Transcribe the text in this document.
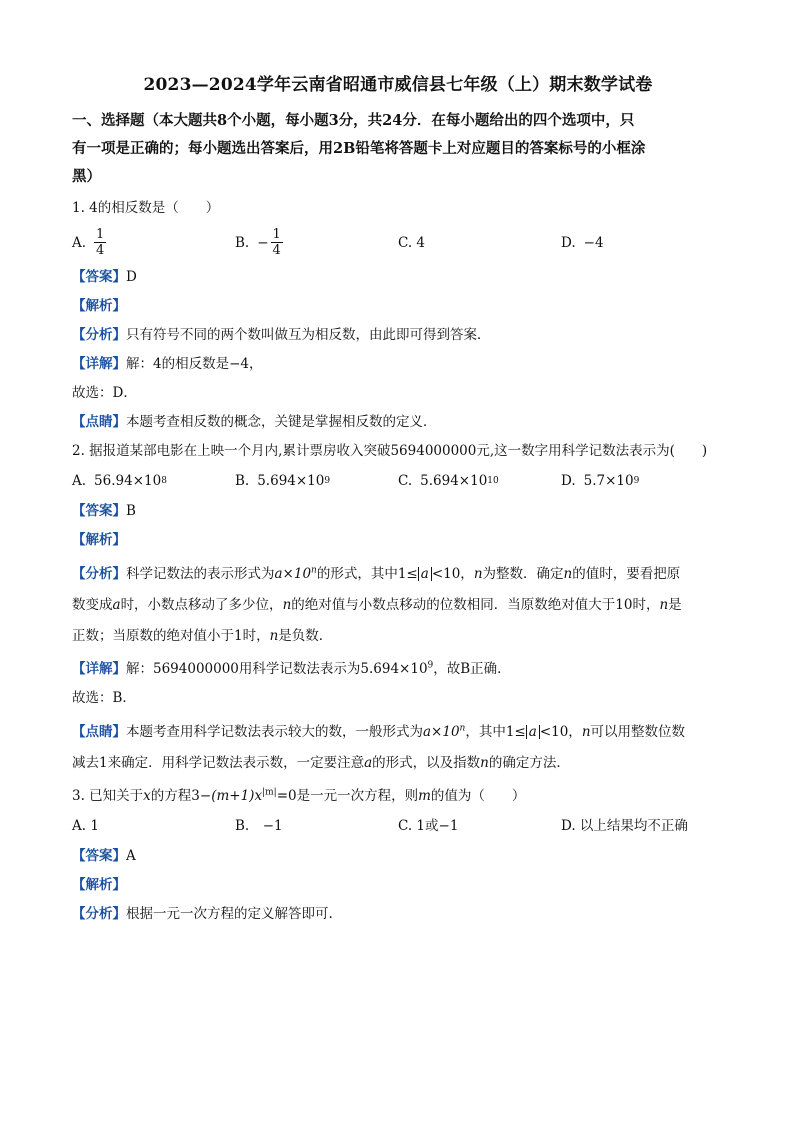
2023—2024学年云南省昭通市威信县七年级（上）期末数学试卷
一、选择题（本大题共8个小题，每小题3分，共24分．在每小题给出的四个选项中，只
有一项是正确的；每小题选出答案后，用2B铅笔将答题卡上对应题目的答案标号的小框涂
黑）
1. 4的相反数是（　　）
A. $\frac{1}{4}$	B. − $\frac{1}{4}$	C. 4	D. −4
【答案】D
【解析】
【分析】只有符号不同的两个数叫做互为相反数，由此即可得到答案．
【详解】解：4的相反数是−4，
故选：D．
【点睛】本题考查相反数的概念，关键是掌握相反数的定义．
2. 据报道某部电影在上映一个月内,累计票房收入突破5694000000元,这一数字用科学记数法表示为(　　)
A. 56.94×10 8	B. 5.694×10 9	C. 5.694×10 10	D. 5.7×10 9
【答案】B
【解析】
【分析】科学记数法的表示形式为$a\times 10^n$的形式，其中1≤ a <10，n为整数．确定n的值时，要看把原
数变成a时，小数点移动了多少位，n的绝对值与小数点移动的位数相同．当原数绝对值大于10时，n是
正数；当原数的绝对值小于1时，n是负数．
【详解】解：5694000000用科学记数法表示为$5.694\times 10^9$，故B正确．
故选：B．
【点睛】本题考查用科学记数法表示较大的数，一般形式为$a\times 10^n$，其中1≤ a <10，n可以用整数位数
减去1来确定．用科学记数法表示数，一定要注意a的形式，以及指数n的确定方法．
3. 已知关于x的方程$3-(m+1)x^{|m|}=0$是一元一次方程，则m的值为（　　）
A. 1	B.　−1	C. 1或−1	D. 以上结果均不正确
【答案】A
【解析】
【分析】根据一元一次方程的定义解答即可.
